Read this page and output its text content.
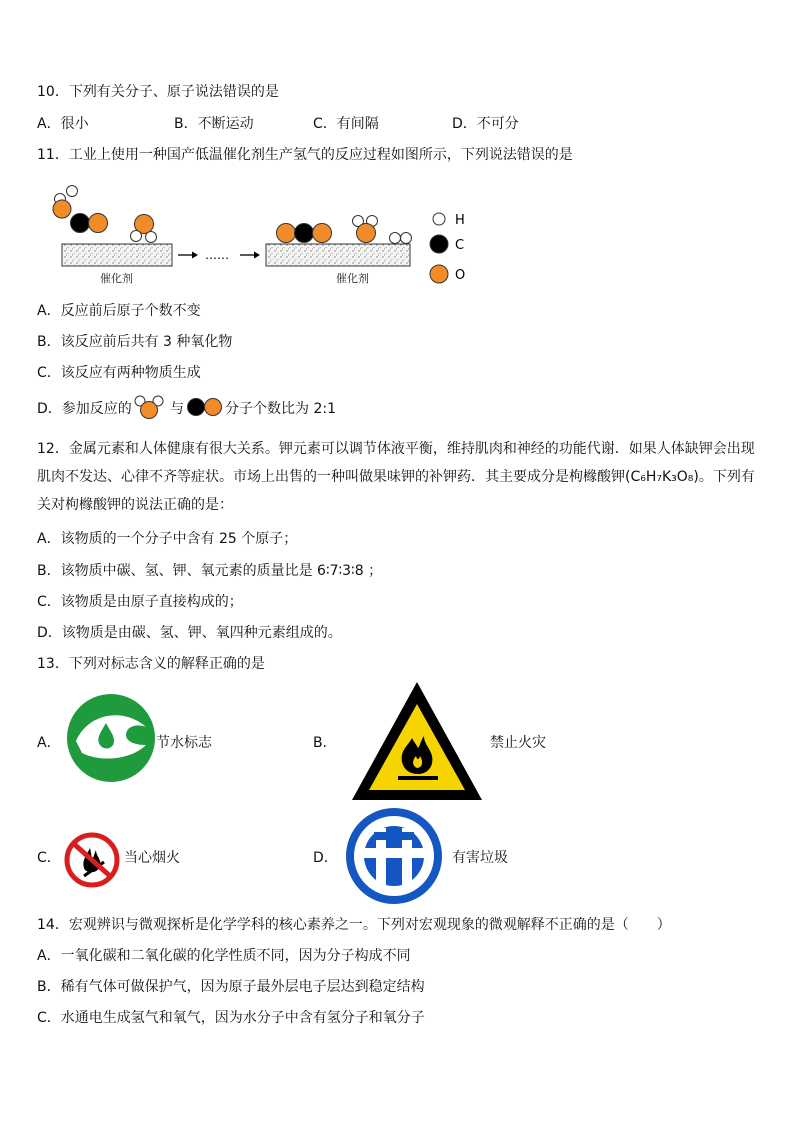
10．下列有关分子、原子说法错误的是
A．很小	B．不断运动	C．有间隔	D．不可分
11．工业上使用一种国产低温催化剂生产氢气的反应过程如图所示，下列说法错误的是
催化剂
……
催化剂
H
C
O
A．反应前后原子个数不变
B．该反应前后共有 3 种氧化物
C．该反应有两种物质生成
D．参加反应的	与	分子个数比为 2:1
12．金属元素和人体健康有很大关系。钾元素可以调节体液平衡，维持肌肉和神经的功能代谢．如果人体缺钾会出现肌肉不发达、心律不齐等症状。市场上出售的一种叫做果味钾的补钾药．其主要成分是枸橼酸钾(C₆H₇K₃O₈)。下列有关对枸橼酸钾的说法正确的是：
A．该物质的一个分子中含有 25 个原子；
B．该物质中碳、氢、钾、氧元素的质量比是 6∶7∶3∶8 ；
C．该物质是由原子直接构成的；
D．该物质是由碳、氢、钾、氧四种元素组成的。
13．下列对标志含义的解释正确的是
A．	节水标志	B．	禁止火灾
C．	当心烟火	D．	有害垃圾
14．宏观辨识与微观探析是化学学科的核心素养之一。下列对宏观现象的微观解释不正确的是（　　）
A．一氧化碳和二氧化碳的化学性质不同，因为分子构成不同
B．稀有气体可做保护气，因为原子最外层电子层达到稳定结构
C．水通电生成氢气和氧气，因为水分子中含有氢分子和氧分子
